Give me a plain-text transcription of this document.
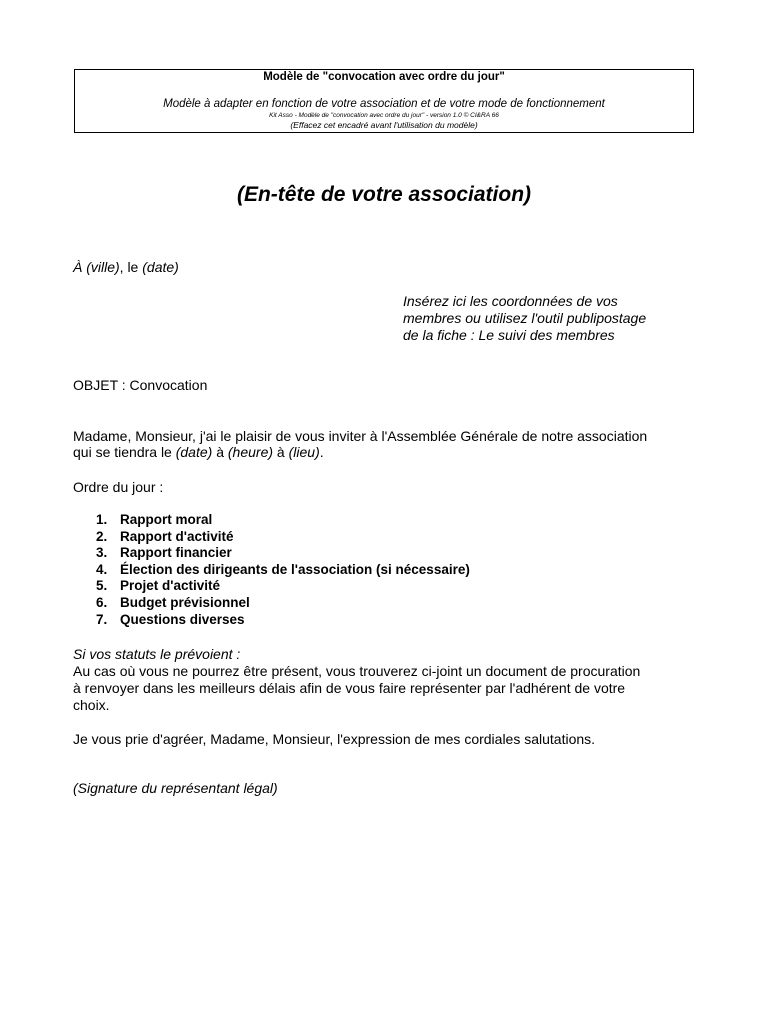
Modèle de "convocation avec ordre du jour"
Modèle à adapter en fonction de votre association et de votre mode de fonctionnement
Kit Asso - Modèle de "convocation avec ordre du jour" - version 1.0 © CI&RA 66
(Effacez cet encadré avant l'utilisation du modèle)
(En-tête de votre association)
À (ville), le (date)
Insérez ici les coordonnées de vos membres ou utilisez l'outil publipostage de la fiche : Le suivi des membres
OBJET : Convocation
Madame, Monsieur, j'ai le plaisir de vous inviter à l'Assemblée Générale de notre association
qui se tiendra le (date) à (heure) à (lieu).
Ordre du jour :
1. Rapport moral
2. Rapport d'activité
3. Rapport financier
4. Élection des dirigeants de l'association (si nécessaire)
5. Projet d'activité
6. Budget prévisionnel
7. Questions diverses
Si vos statuts le prévoient :
Au cas où vous ne pourrez être présent, vous trouverez ci-joint un document de procuration
à renvoyer dans les meilleurs délais afin de vous faire représenter par l'adhérent de votre
choix.
Je vous prie d'agréer, Madame, Monsieur, l'expression de mes cordiales salutations.
(Signature du représentant légal)
